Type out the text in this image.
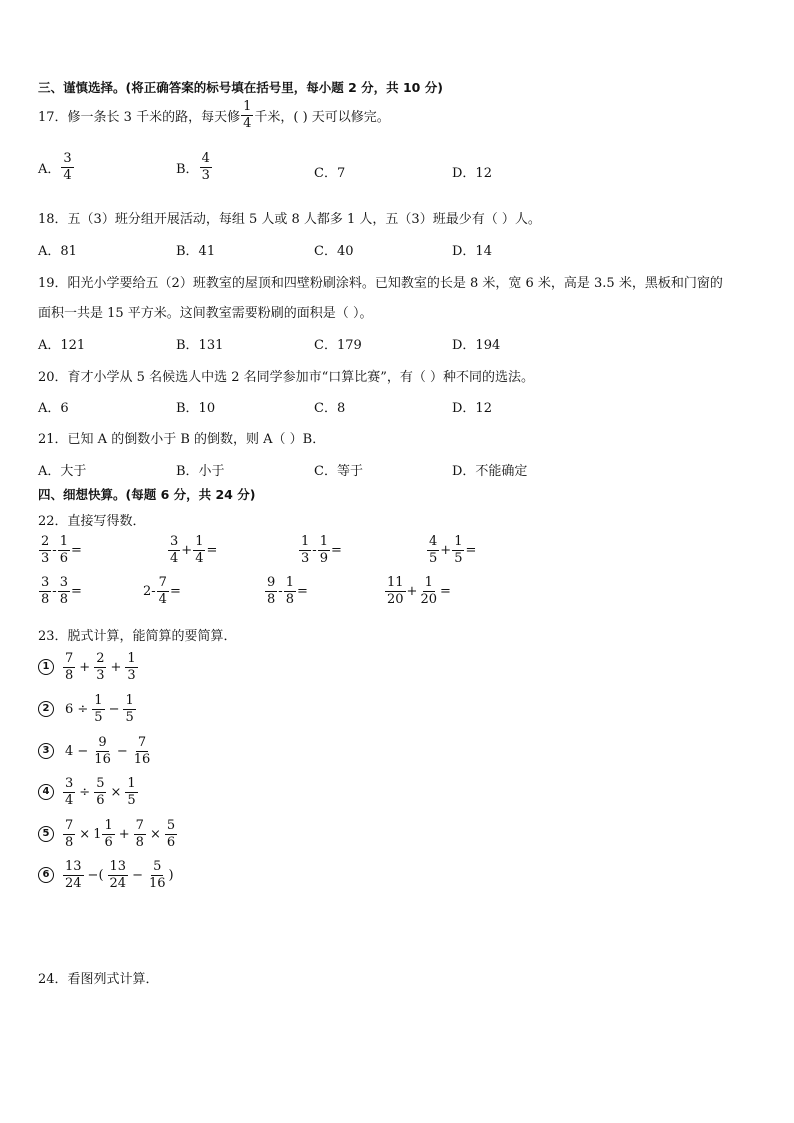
三、谨慎选择。(将正确答案的标号填在括号里，每小题 2 分，共 10 分)
17．修一条长 3 千米的路，每天修 $\frac{1}{4}$ 千米，( ) 天可以修完。
A． $\frac{3}{4}$	B． $\frac{4}{3}$	C．7	D．12
18．五（3）班分组开展活动，每组 5 人或 8 人都多 1 人，五（3）班最少有（ ）人。
A．81	B．41	C．40	D．14
19．阳光小学要给五（2）班教室的屋顶和四壁粉刷涂料。已知教室的长是 8 米，宽 6 米，高是 3.5 米，黑板和门窗的
面积一共是 15 平方米。这间教室需要粉刷的面积是（ ）。
A．121	B．131	C．179	D．194
20．育才小学从 5 名候选人中选 2 名同学参加市“口算比赛”，有（ ）种不同的选法。
A．6	B．10	C．8	D．12
21．已知 A 的倒数小于 B 的倒数，则 A（ ）B．
A．大于	B．小于	C．等于	D．不能确定
四、细想快算。(每题 6 分，共 24 分)
22．直接写得数．
$\frac{2}{3} - \frac{1}{6}$ =	$\frac{3}{4} + \frac{1}{4}$ =	$\frac{1}{3} - \frac{1}{9}$ =	$\frac{4}{5} + \frac{1}{5}$ =
$\frac{3}{8} - \frac{3}{8}$ =	$2- \frac{7}{4}$ =	$\frac{9}{8} - \frac{1}{8}$ =	$\frac{11}{20} + \frac{1}{20}$ =
23．脱式计算，能简算的要简算．
1	$\frac{7}{8} + \frac{2}{3} + \frac{1}{3}$
2	$6 \div \frac{1}{5} - \frac{1}{5}$
3	$4 - \frac{9}{16} - \frac{7}{16}$
4	$\frac{3}{4} \div \frac{5}{6} \times \frac{1}{5}$
5	$\frac{7}{8} \times 1 \frac{1}{6} + \frac{7}{8} \times \frac{5}{6}$
6	$\frac{13}{24}$ −( $\frac{13}{24} - \frac{5}{16}$ )
24．看图列式计算．
